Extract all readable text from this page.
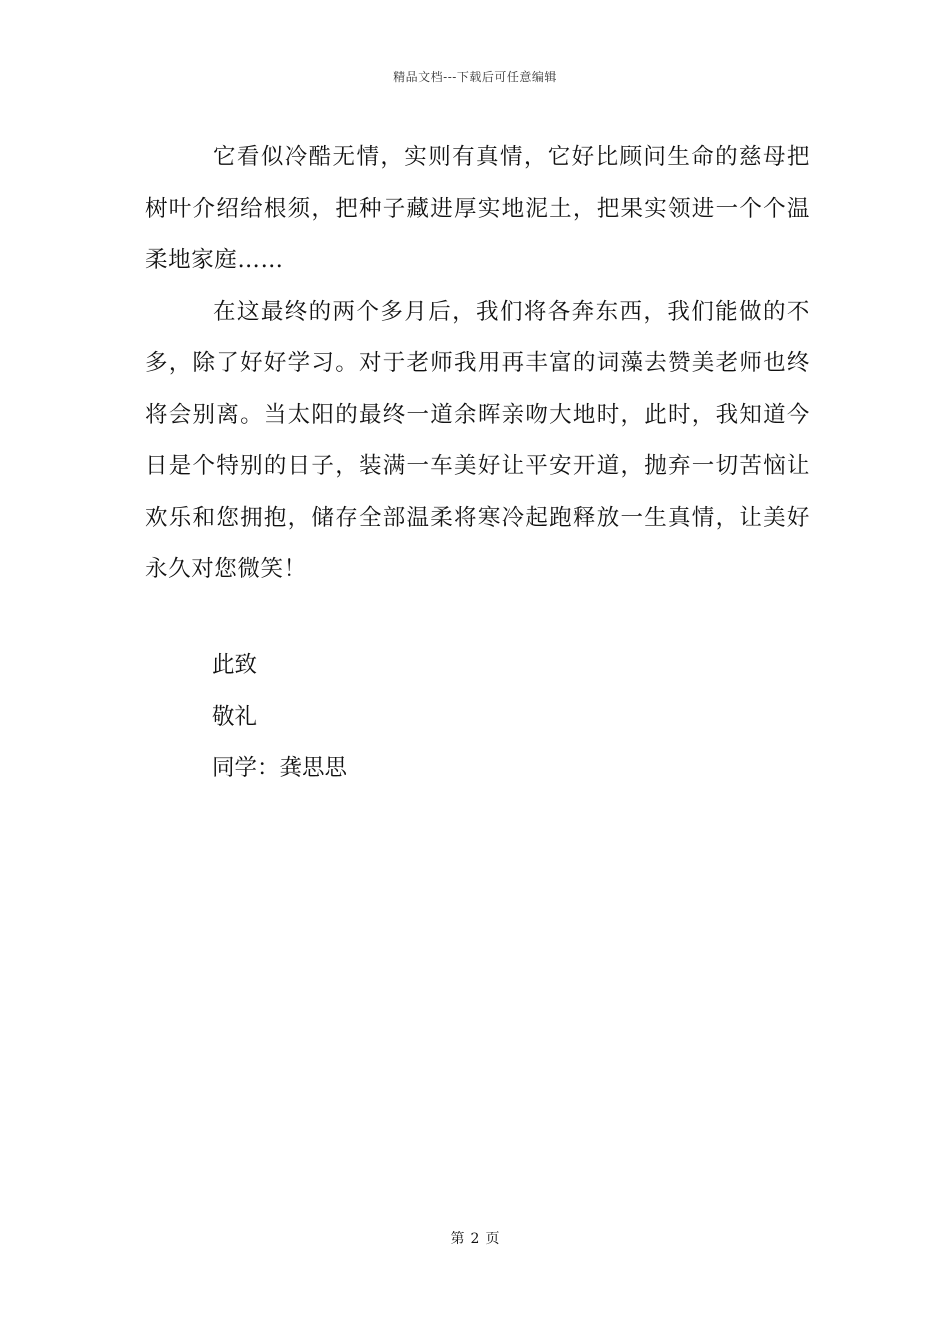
精品文档---下载后可任意编辑

它看似冷酷无情，实则有真情，它好比顾问生命的慈母把树叶介绍给根须，把种子藏进厚实地泥土，把果实领进一个个温柔地家庭……

在这最终的两个多月后，我们将各奔东西，我们能做的不多，除了好好学习。对于老师我用再丰富的词藻去赞美老师也终将会别离。当太阳的最终一道余晖亲吻大地时，此时，我知道今日是个特别的日子，装满一车美好让平安开道，抛弃一切苦恼让欢乐和您拥抱，储存全部温柔将寒冷起跑释放一生真情，让美好永久对您微笑！

此致
敬礼
同学：龚思思
第 2 页
